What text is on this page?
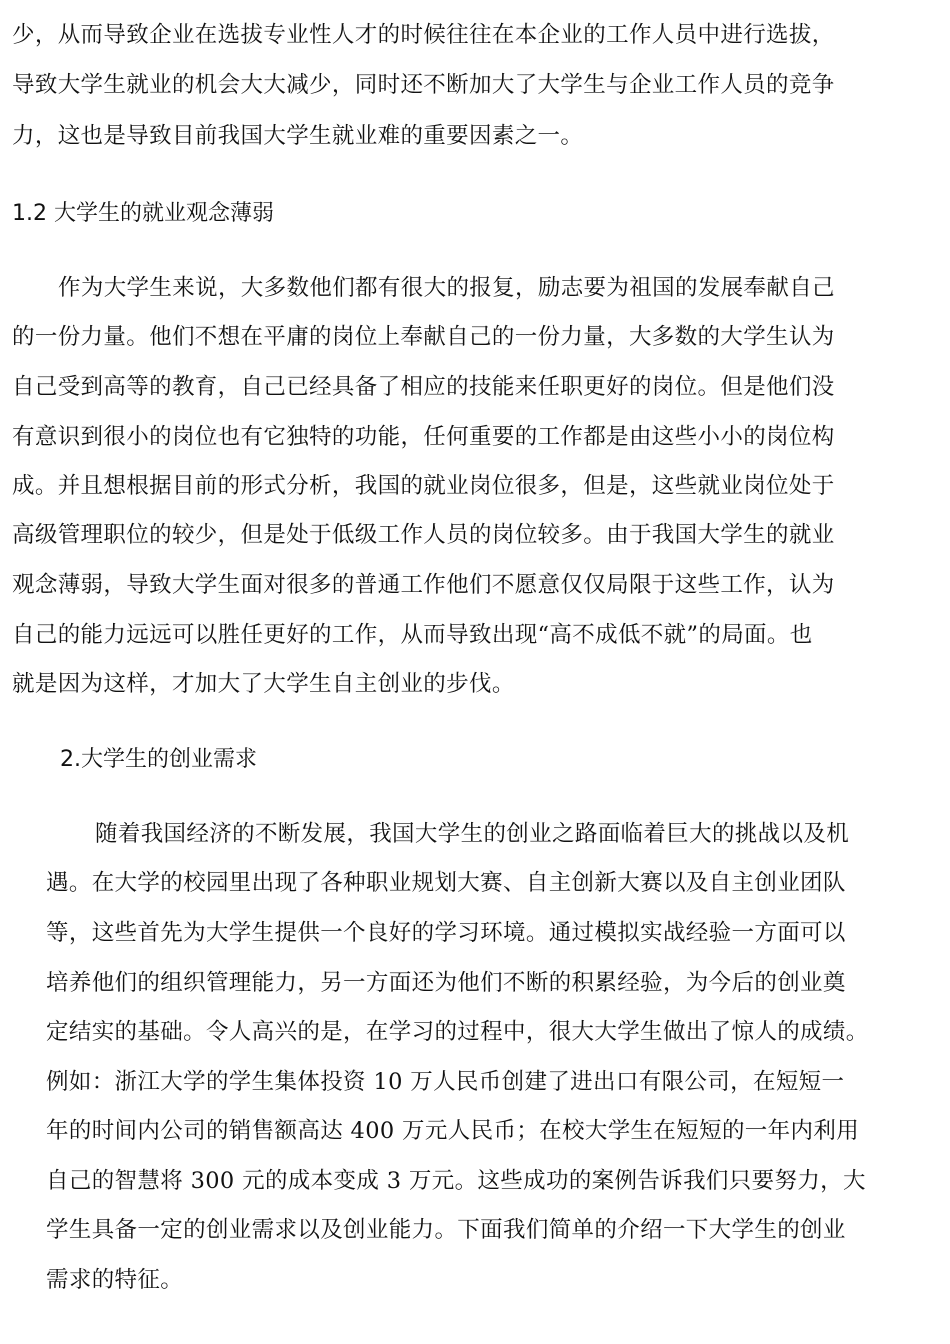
少，从而导致企业在选拔专业性人才的时候往往在本企业的工作人员中进行选拔，
导致大学生就业的机会大大减少，同时还不断加大了大学生与企业工作人员的竞争
力，这也是导致目前我国大学生就业难的重要因素之一。
1.2 大学生的就业观念薄弱
作为大学生来说，大多数他们都有很大的报复，励志要为祖国的发展奉献自己
的一份力量。他们不想在平庸的岗位上奉献自己的一份力量，大多数的大学生认为
自己受到高等的教育，自己已经具备了相应的技能来任职更好的岗位。但是他们没
有意识到很小的岗位也有它独特的功能，任何重要的工作都是由这些小小的岗位构
成。并且想根据目前的形式分析，我国的就业岗位很多，但是，这些就业岗位处于
高级管理职位的较少，但是处于低级工作人员的岗位较多。由于我国大学生的就业
观念薄弱，导致大学生面对很多的普通工作他们不愿意仅仅局限于这些工作，认为
自己的能力远远可以胜任更好的工作，从而导致出现“高不成低不就”的局面。也
就是因为这样，才加大了大学生自主创业的步伐。
2.大学生的创业需求
随着我国经济的不断发展，我国大学生的创业之路面临着巨大的挑战以及机
遇。在大学的校园里出现了各种职业规划大赛、自主创新大赛以及自主创业团队
等，这些首先为大学生提供一个良好的学习环境。通过模拟实战经验一方面可以
培养他们的组织管理能力，另一方面还为他们不断的积累经验，为今后的创业奠
定结实的基础。令人高兴的是，在学习的过程中，很大大学生做出了惊人的成绩。
例如：浙江大学的学生集体投资 10 万人民币创建了进出口有限公司，在短短一
年的时间内公司的销售额高达 400 万元人民币；在校大学生在短短的一年内利用
自己的智慧将 300 元的成本变成 3 万元。这些成功的案例告诉我们只要努力，大
学生具备一定的创业需求以及创业能力。下面我们简单的介绍一下大学生的创业
需求的特征。
